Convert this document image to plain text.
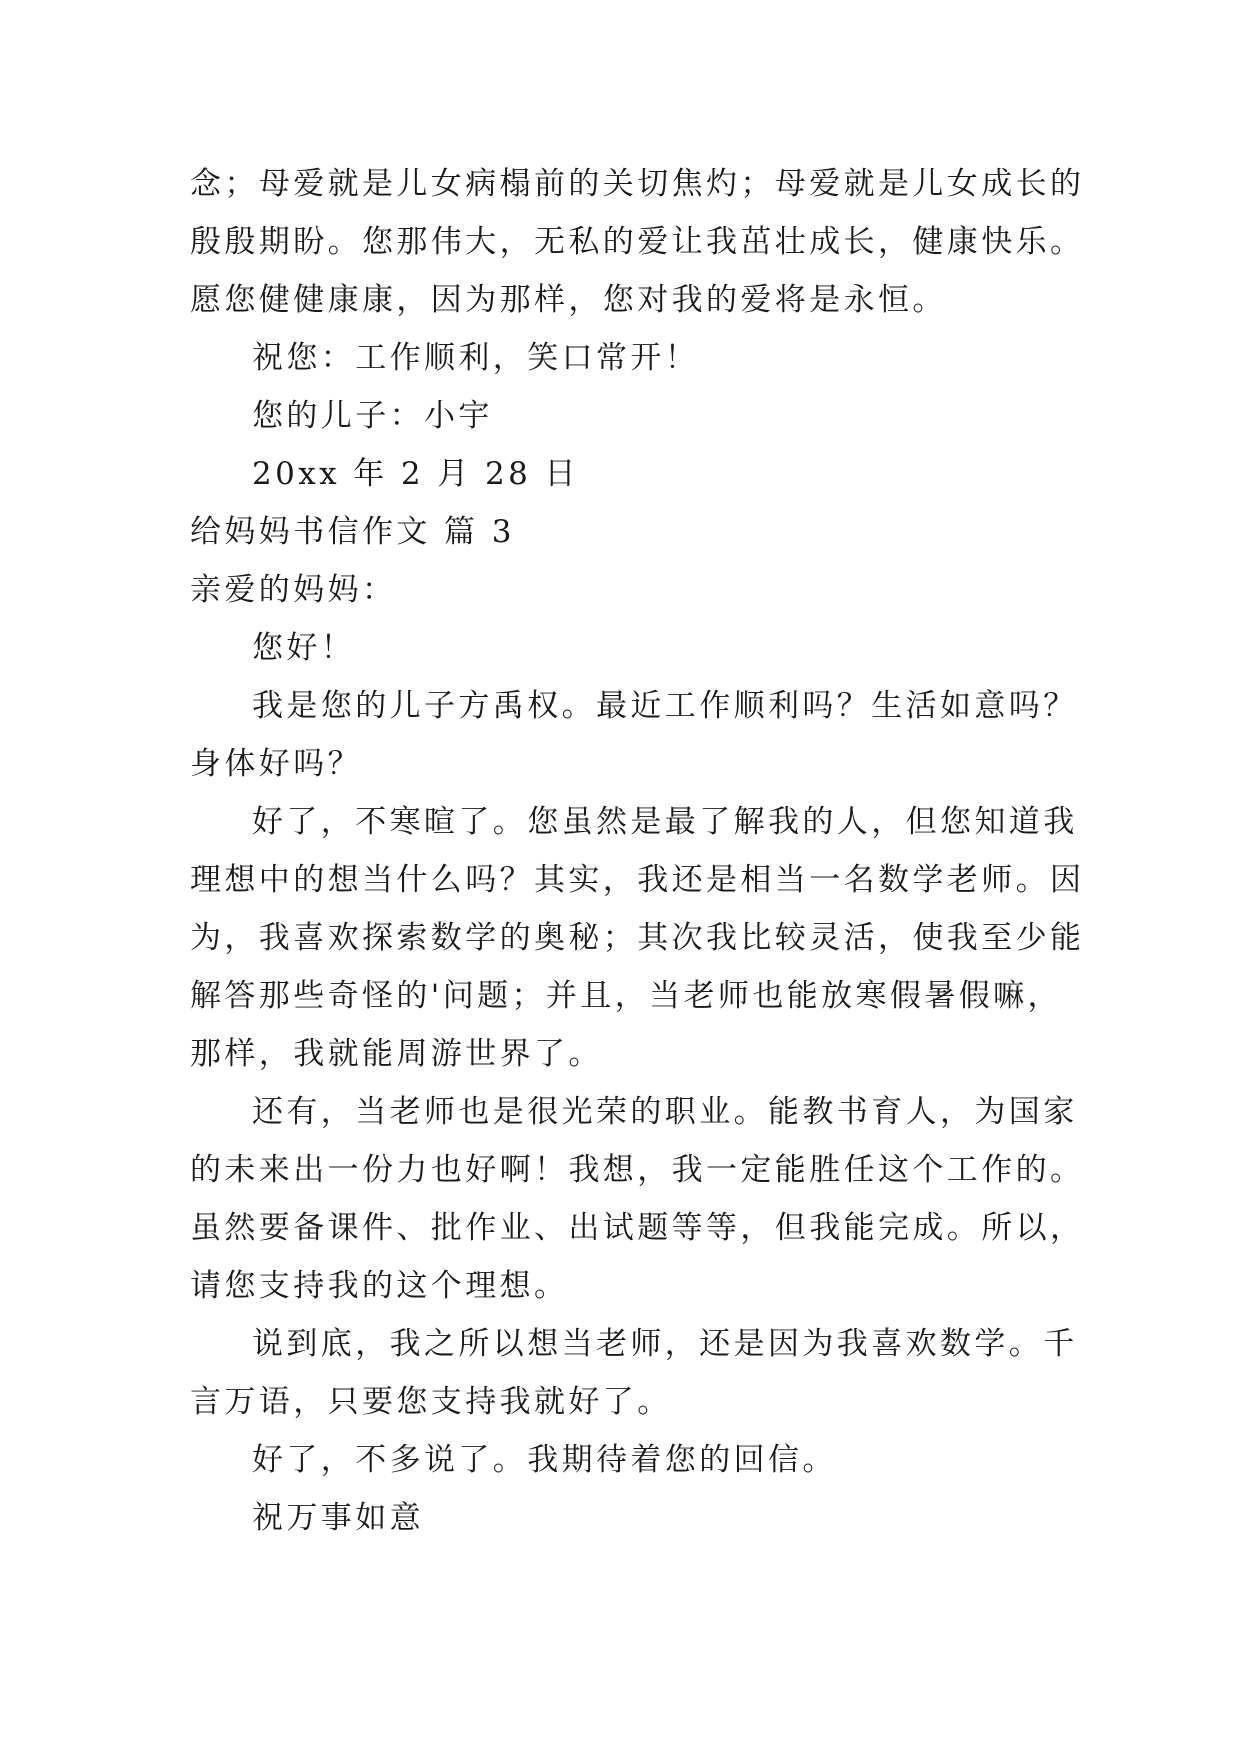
念；母爱就是儿女病榻前的关切焦灼；母爱就是儿女成长的
殷殷期盼。您那伟大，无私的爱让我茁壮成长，健康快乐。
愿您健健康康，因为那样，您对我的爱将是永恒。
祝您：工作顺利，笑口常开！
您的儿子：小宇
20xx 年 2 月 28 日
给妈妈书信作文 篇 3
亲爱的妈妈：
您好！
我是您的儿子方禹权。最近工作顺利吗？生活如意吗？
身体好吗？
好了，不寒暄了。您虽然是最了解我的人，但您知道我
理想中的想当什么吗？其实，我还是相当一名数学老师。因
为，我喜欢探索数学的奥秘；其次我比较灵活，使我至少能
解答那些奇怪的'问题；并且，当老师也能放寒假暑假嘛，
那样，我就能周游世界了。
还有，当老师也是很光荣的职业。能教书育人，为国家
的未来出一份力也好啊！我想，我一定能胜任这个工作的。
虽然要备课件、批作业、出试题等等，但我能完成。所以，
请您支持我的这个理想。
说到底，我之所以想当老师，还是因为我喜欢数学。千
言万语，只要您支持我就好了。
好了，不多说了。我期待着您的回信。
祝万事如意
